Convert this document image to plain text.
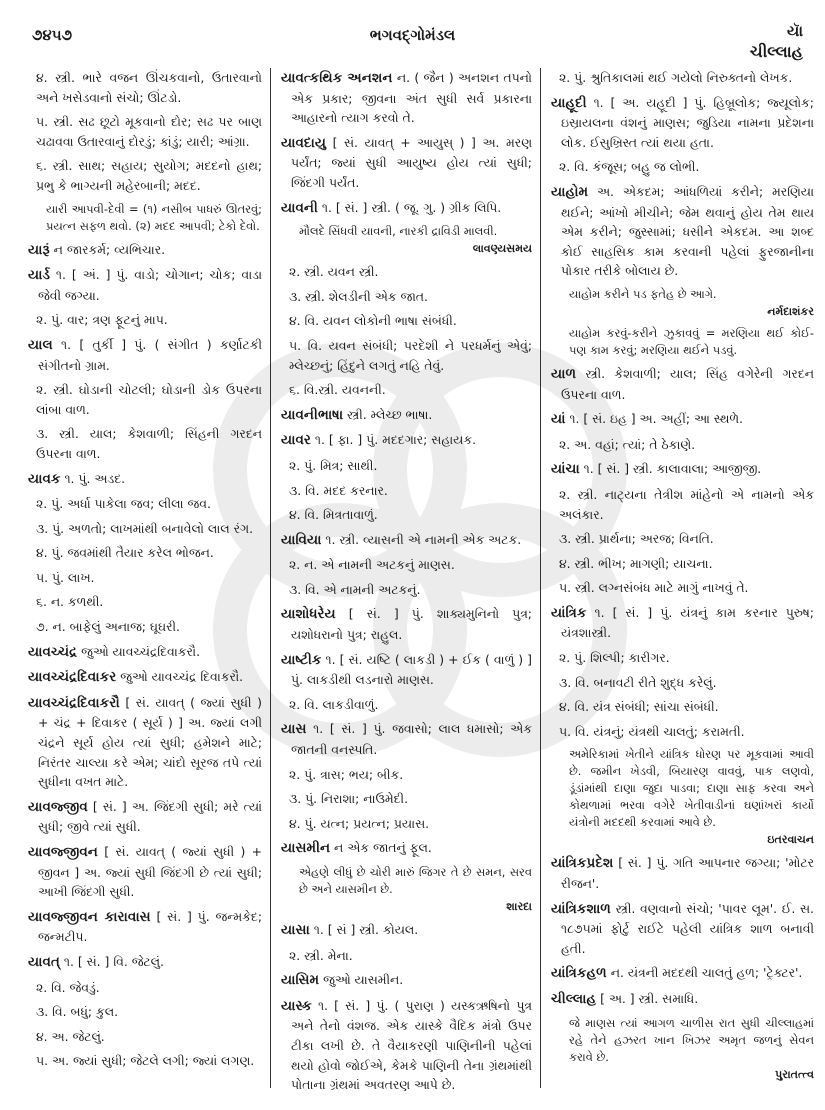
૭૪૫૭	ભગવદ્ગોમંડલ	યાૅ
ચીલ્લાહ
૪. સ્ત્રી. ભારે વજન ઊંચકવાનો, ઉતારવાનો અને ખસેડવાનો સંચો; ઊંટડો.
૫. સ્ત્રી. સઢ છૂટો મૂકવાનો દોર; સઢ પર બાણ ચઢાવવા ઉતારવાનું દોરડું; કાંડું; યારી; આંગ્રા.
૬. સ્ત્રી. સાથ; સહાય; સુયોગ; મદદનો હાથ; પ્રભુ કે ભાગ્યની મહેરબાની; મદદ.
યારી આપવી-દેવી = (૧) નસીબ પાધરું ઊતરવું; પ્રયત્ન સફળ થવો. (૨) મદદ આપવી; ટેકો દેવો.
યારૂં ન જારકર્મ; વ્યભિચાર.
યાર્ડ ૧. [ અં. ] પું. વાડો; ચોગાન; ચોક; વાડા જેવી જગ્યા.
૨. પું. વાર; ત્રણ ફૂટનું માપ.
યાલ ૧. [ તુર્કી ] પું. ( સંગીત ) કર્ણાટકી સંગીતનો ગ્રામ.
૨. સ્ત્રી. ઘોડાની ચોટલી; ઘોડાની ડોક ઉપરના લાંબા વાળ.
૩. સ્ત્રી. યાલ; કેશવાળી; સિંહની ગરદન ઉપરના વાળ.
યાવક ૧. પું. અડદ.
૨. પું. અર્ધા પાકેલા જવ; લીલા જવ.
૩. પું. અળતો; લાખમાંથી બનાવેલો લાલ રંગ.
૪. પું. જવમાંથી તૈયાર કરેલ ભોજન.
૫. પું. લાખ.
૬. ન. કળથી.
૭. ન. બાફેલું અનાજ; ઘૂઘરી.
યાવચ્ચંદ્ર જુઓ યાવચ્ચંદ્રદિવાકરૌ.
યાવચ્ચંદ્રદિવાકર જુઓ યાવચ્ચંદ્ર દિવાકરૌ.
યાવચ્ચંદ્રદિવાકરૌ [ સં. યાવત્ ( જ્યાં સુધી ) + ચંદ્ર + દિવાકર ( સૂર્ય ) ] અ. જ્યાં લગી ચંદ્રને સૂર્ય હોય ત્યાં સુધી; હમેશને માટે; નિરંતર ચાલ્યા કરે એમ; ચાંદો સૂરજ તપે ત્યાં સુધીના વખત માટે.
યાવજ્જીવ [ સં. ] અ. જિંદગી સુધી; મરે ત્યાં સુધી; જીવે ત્યાં સુધી.
યાવજ્જીવન [ સં. યાવત્ ( જ્યાં સુધી ) + જીવન ] અ. જ્યાં સુધી જિંદગી છે ત્યાં સુધી; આખી જિંદગી સુધી.
યાવજ્જીવન કારાવાસ [ સં. ] પું. જન્મકેદ; જન્મટીપ.
યાવત્ ૧. [ સં. ] વિ. જેટલું.
૨. વિ. જેવડું.
૩. વિ. બધું; કુલ.
૪. અ. જેટલું.
૫. અ. જ્યાં સુધી; જેટલે લગી; જ્યાં લગણ.
યાવત્કથિક અનશન ન. ( જૈન ) અનશન તપનો એક પ્રકાર; જીવના અંત સુધી સર્વ પ્રકારના આહારનો ત્યાગ કરવો તે.
યાવદાયુ [ સં. યાવત્ + આયુસ્ ) ] અ. મરણ પર્યંત; જ્યાં સુધી આયુષ્ય હોય ત્યાં સુધી; જિંદગી પર્યંત.
યાવની ૧. [ સં. ] સ્ત્રી. ( જૂ. ગુ. ) ગ્રીક લિપિ.
મૌલદે સિંધવી યાવની, નારકી દ્રાવિડી માલવી.
લાવણ્યસમય
૨. સ્ત્રી. યવન સ્ત્રી.
૩. સ્ત્રી. શેલડીની એક જાત.
૪. વિ. યવન લોકોની ભાષા સંબંધી.
૫. વિ. યવન સંબંધી; પરદેશી ને પરધર્મનું એવું; મ્લેચ્છનું; હિંદુને લગતું નહિ તેવું.
૬. વિ.સ્ત્રી. યવનની.
યાવનીભાષા સ્ત્રી. મ્લેચ્છ ભાષા.
યાવર ૧. [ ફા. ] પું. મદદગાર; સહાયક.
૨. પું. મિત્ર; સાથી.
૩. વિ. મદદ કરનાર.
૪. વિ. મિત્રતાવાળું.
યાવિયા ૧. સ્ત્રી. વ્યાસની એ નામની એક અટક.
૨. ન. એ નામની અટકનું માણસ.
૩. વિ. એ નામની અટકનું.
યાશોધરેય [ સં. ] પું. શાક્યમુનિનો પુત્ર; યશોધરાનો પુત્ર; રાહુલ.
યાષ્ટીક ૧. [ સં. યષ્ટિ ( લાકડી ) + ઈક ( વાળું ) ] પું. લાકડીથી લડનારો માણસ.
૨. વિ. લાકડીવાળું.
યાસ ૧. [ સં. ] પું. જવાસો; લાલ ધમાસો; એક જાતની વનસ્પતિ.
૨. પું. ત્રાસ; ભય; બીક.
૩. પું. નિરાશા; નાઉમેદી.
૪. પું. યત્ન; પ્રયત્ન; પ્રયાસ.
યાસમીન ન એક જાતનું ફૂલ.
એહણે લીધું છે ચોરી મારું જિગર તે છે સમન, સરવ છે અને યાસમીન છે.
શારદા
યાસા ૧. [ સં ] સ્ત્રી. કોયલ.
૨. સ્ત્રી. મેના.
યાસિમ જુઓ યાસમીન.
યાસ્ક ૧. [ સં. ] પું. ( પુરાણ ) યસ્કઋષિનો પુત્ર અને તેનો વંશજ. એક યાસ્કે વૈદિક મંત્રો ઉપર ટીકા લખી છે. તે વૈયાકરણી પાણિનીની પહેલાં થયો હોવો જોઈએ, કેમકે પાણિની તેના ગ્રંથમાંથી પોતાના ગ્રંથમાં અવતરણ આપે છે.
૨. પું. શ્રુતિકાલમાં થઈ ગયેલો નિરુક્તનો લેખક.
યાહૂદી ૧. [ અ. યહૂદી ] પું. હિબ્રૂલોક; જ્યૂલોક; ઇસ્રાયલના વંશનું માણસ; જુડિયા નામના પ્રદેશના લોક. ઈસુખ્રિસ્ત ત્યાં થયા હતા.
૨. વિ. કંજૂસ; બહુ જ લોભી.
યાહોમ અ. એકદમ; આંધળિયાં કરીને; મરણિયા થઈને; આંખો મીચીને; જેમ થવાનું હોય તેમ થાય એમ કરીને; જુસ્સામાં; ધસીને એકદમ. આ શબ્દ કોઈ સાહસિક કામ કરવાની પહેલાં ફુરજાનીના પોકાર તરીકે બોલાય છે.
યાહોમ કરીને પડ ફતેહ છે આગે.
નર્મદાશંકર
યાહોમ કરવું-કરીને ઝુકાવવું = મરણિયા થઈ કોઈ-પણ કામ કરવું; મરણિયા થઈને પડવું.
યાળ સ્ત્રી. કેશવાળી; યાલ; સિંહ વગેરેની ગરદન ઉપરના વાળ.
યાં ૧. [ સં. ઇહ ] અ. અહીં; આ સ્થળે.
૨. અ. વહાં; ત્યાં; તે ઠેકાણે.
યાંચા ૧. [ સં. ] સ્ત્રી. કાલાવાલા; આજીજી.
૨. સ્ત્રી. નાટ્યના તેત્રીશ માંહેનો એ નામનો એક અલંકાર.
૩. સ્ત્રી. પ્રાર્થના; અરજ; વિનતિ.
૪. સ્ત્રી. ભીખ; માગણી; યાચના.
૫. સ્ત્રી. લગ્નસંબંધ માટે માગું નાખવું તે.
યાંત્રિક ૧. [ સં. ] પું. યંત્રનું કામ કરનાર પુરુષ; યંત્રશાસ્ત્રી.
૨. પું. શિલ્પી; કારીગર.
૩. વિ. બનાવટી રીતે શુદ્ધ કરેલું.
૪. વિ. યંત્ર સંબંધી; સાંચા સંબંધી.
૫. વિ. યંત્રનું; યંત્રથી ચાલતું; કરામતી.
અમેરિકામાં ખેતીને યાંત્રિક ધોરણ પર મૂકવામાં આવી છે. જમીન ખેડવી, બિયારણ વાવવું, પાક લણવો, ડૂંડાંમાંથી દાણા જુદા પાડવા; દાણા સાફ કરવા અને કોથળામાં ભરવા વગેરે ખેતીવાડીનાં ઘણાંખરાં કાર્યો યંત્રોની મદદથી કરવામાં આવે છે.
ઇતરવાચન
યાંત્રિકપ્રદેશ [ સં. ] પું. ગતિ આપનાર જગ્યા; 'મોટર રીજન'.
યાંત્રિકશાળ સ્ત્રી. વણવાનો સંચો; 'પાવર લૂમ'. ઈ. સ. ૧૮૭૫માં ફોર્ટુ રાઈટે પહેલી યાંત્રિક શાળ બનાવી હતી.
યાંત્રિકહળ ન. યંત્રની મદદથી ચાલતું હળ; 'ટ્રેક્ટર'.
ચીલ્લાહ [ અ. ] સ્ત્રી. સમાધિ.
જે માણસ ત્યાં આગળ ચાળીસ રાત સુધી ચીલ્લાહમાં રહે તેને હઝરત ખાન ખિઝર અમૃત જળનું સેવન કરાવે છે.
પુરાતત્ત્વ
